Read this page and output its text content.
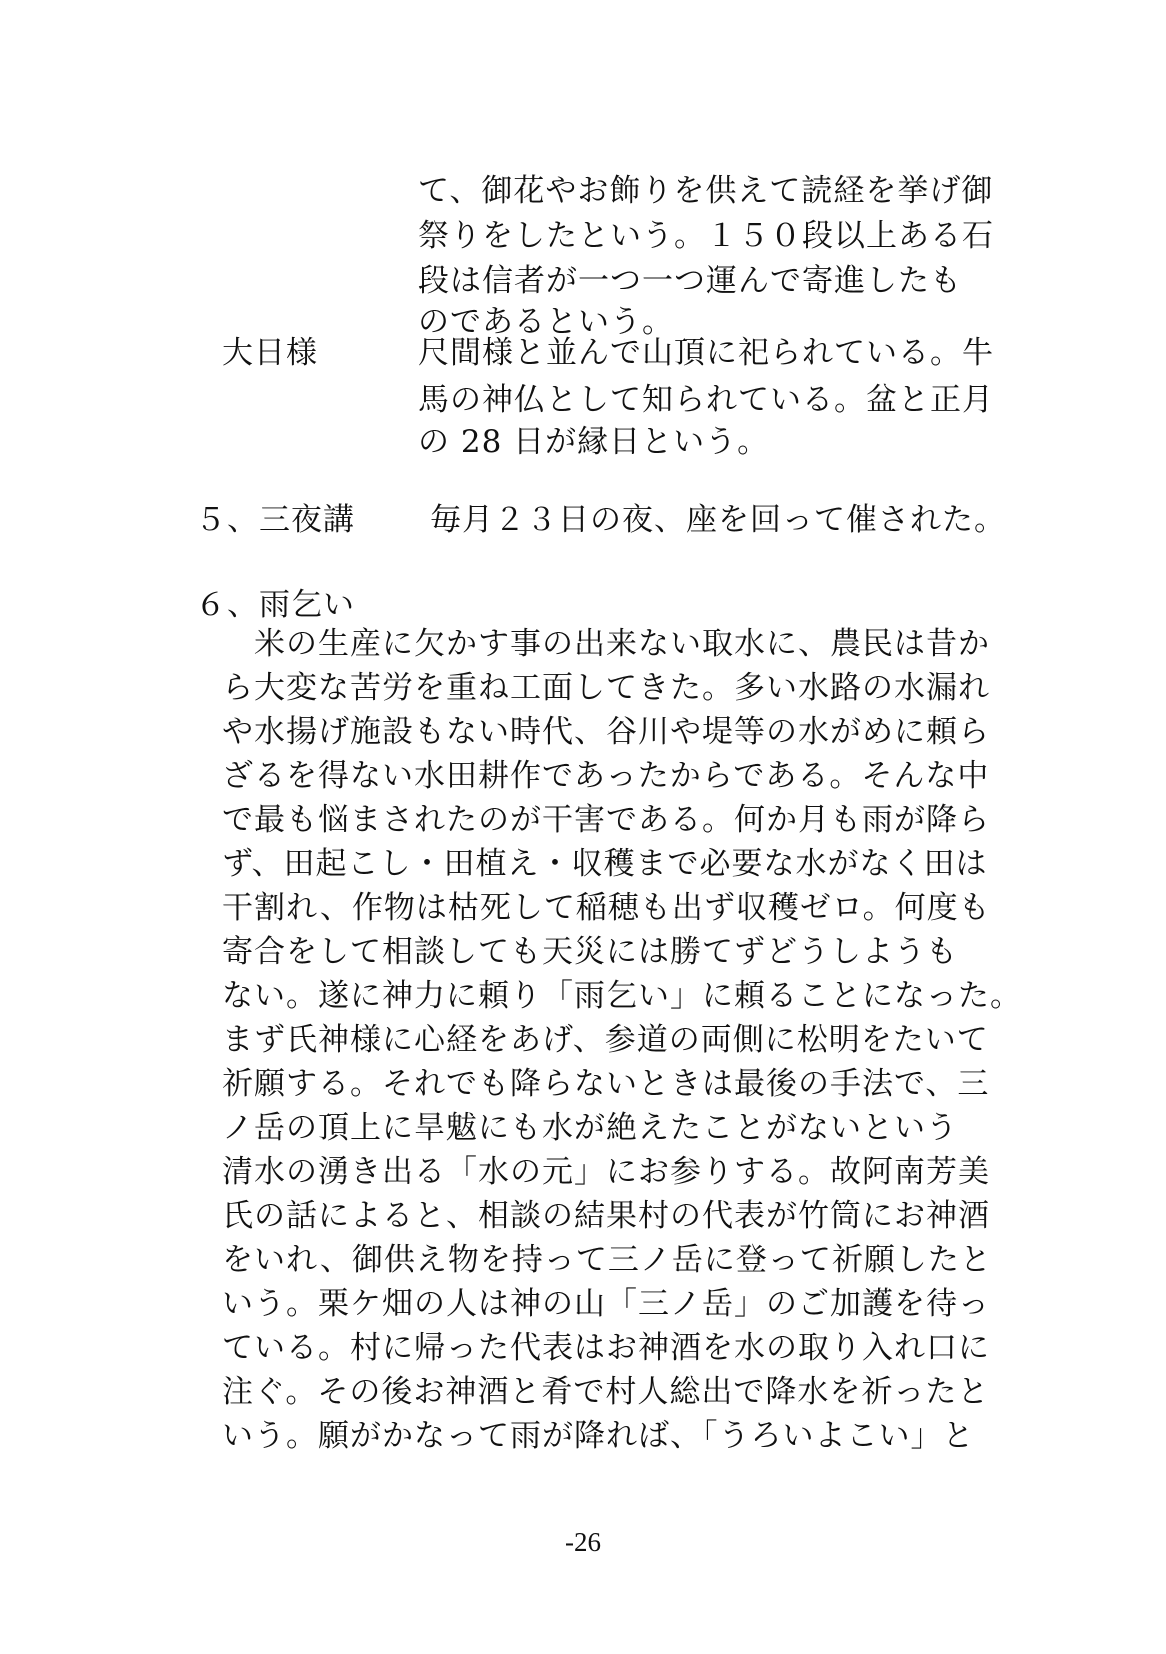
て、御花やお飾りを供えて読経を挙げ御

祭りをしたという。１５０段以上ある石

段は信者が一つ一つ運んで寄進したも

のであるという。

大日様	尺間様と並んで山頂に祀られている。牛

馬の神仏として知られている。盆と正月

の 28 日が縁日という。

５、三夜講 毎月２３日の夜、座を回って催された。

６、雨乞い

　米の生産に欠かす事の出来ない取水に、農民は昔か

ら大変な苦労を重ね工面してきた。多い水路の水漏れ

や水揚げ施設もない時代、谷川や堤等の水がめに頼ら

ざるを得ない水田耕作であったからである。そんな中

で最も悩まされたのが干害である。何か月も雨が降ら

ず、田起こし・田植え・収穫まで必要な水がなく田は

干割れ、作物は枯死して稲穂も出ず収穫ゼロ。何度も

寄合をして相談しても天災には勝てずどうしようも

ない。遂に神力に頼り「雨乞い」に頼ることになった。

まず氏神様に心経をあげ、参道の両側に松明をたいて

祈願する。それでも降らないときは最後の手法で、三

ノ岳の頂上に旱魃にも水が絶えたことがないという

清水の湧き出る「水の元」にお参りする。故阿南芳美

氏の話によると、相談の結果村の代表が竹筒にお神酒

をいれ、御供え物を持って三ノ岳に登って祈願したと

いう。栗ケ畑の人は神の山「三ノ岳」のご加護を待っ

ている。村に帰った代表はお神酒を水の取り入れ口に

注ぐ。その後お神酒と肴で村人総出で降水を祈ったと

いう。願がかなって雨が降れば、「うろいよこい」と

-26
